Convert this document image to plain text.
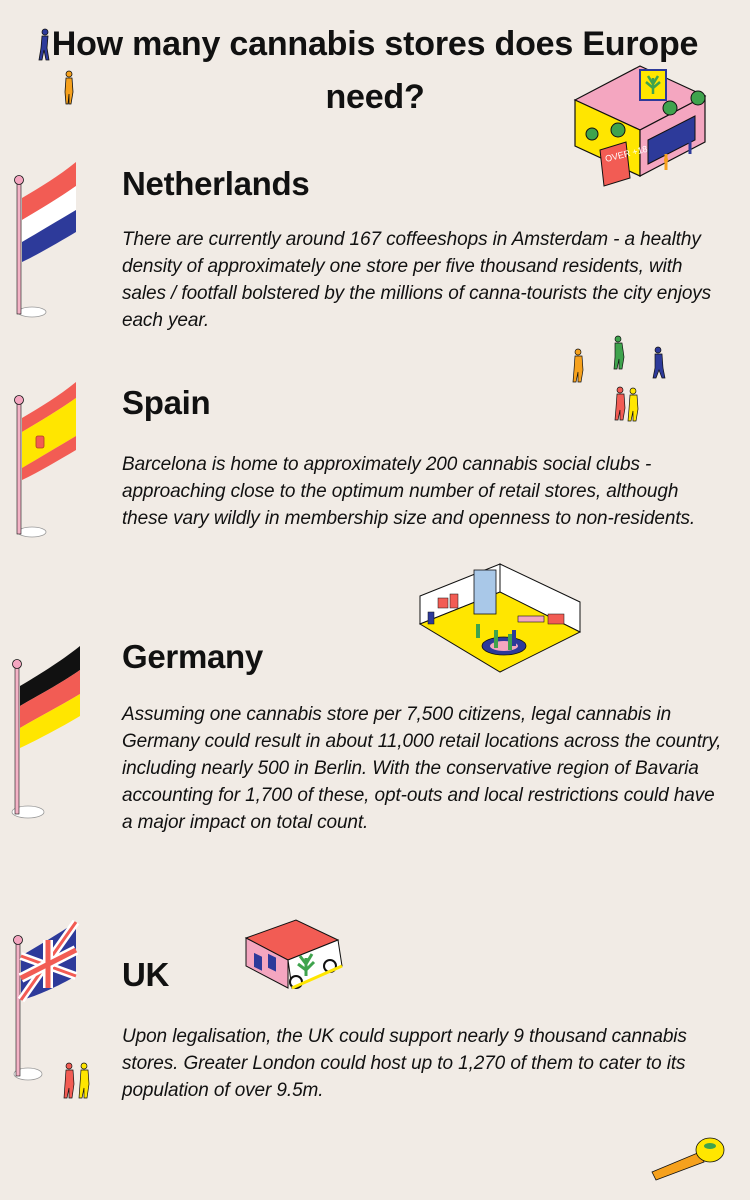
How many cannabis stores does Europe need?
OVER +18
Netherlands
There are currently around 167 coffeeshops in Amsterdam - a healthy density of approximately one store per five thousand residents, with sales / footfall bolstered by the millions of canna-tourists the city enjoys each year.
Spain
Barcelona is home to approximately 200 cannabis social clubs - approaching close to the optimum number of retail stores, although these vary wildly in membership size and openness to non-residents.
Germany
Assuming one cannabis store per 7,500 citizens, legal cannabis in Germany could result in about 11,000 retail locations across the country, including nearly 500 in Berlin. With the conservative region of Bavaria accounting for 1,700 of these, opt-outs and local restrictions could have a major impact on total count.
UK
Upon legalisation, the UK could support nearly 9 thousand cannabis stores. Greater London could host up to 1,270 of them to cater to its population of over 9.5m.
